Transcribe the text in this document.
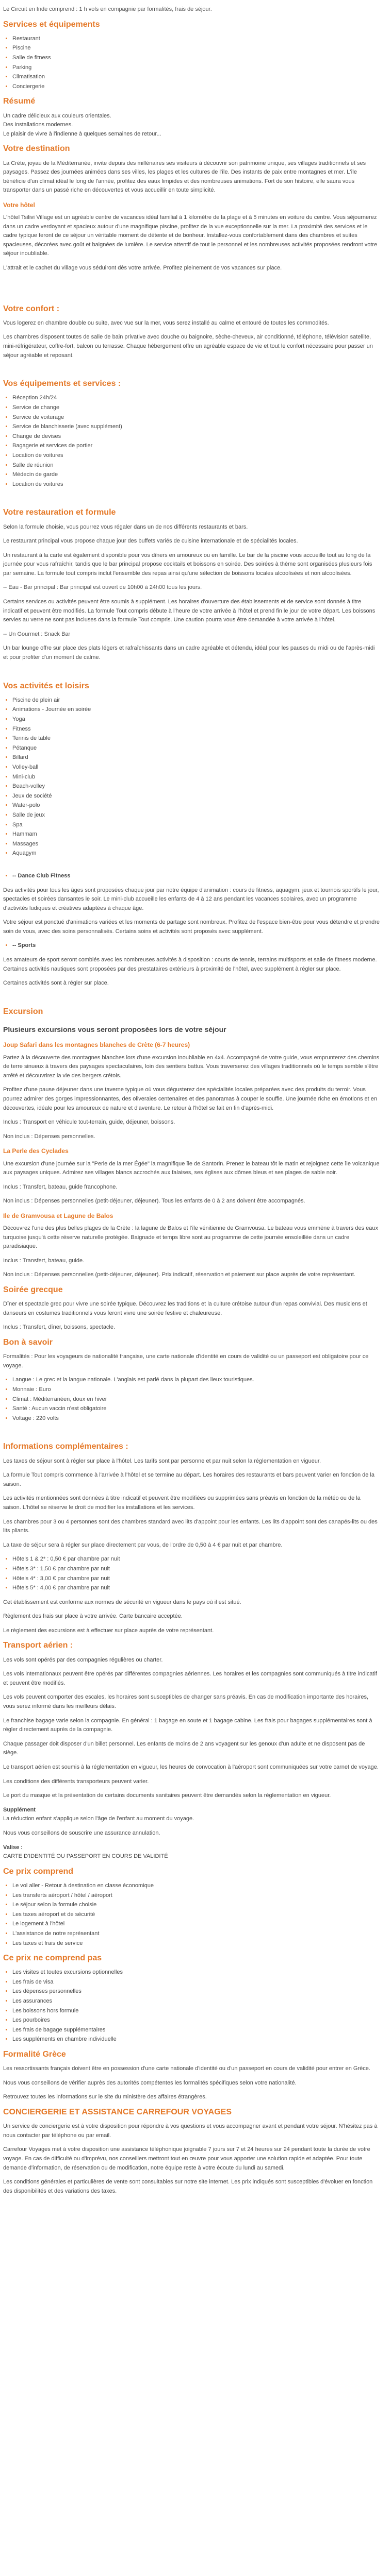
Le Circuit en Inde comprend : 1 h vols en compagnie par formalités, frais de séjour.

Services et équipements
• Restaurant
• Piscine
• Salle de fitness
• Parking
• Climatisation
• Conciergerie
Résumé

Un cadre délicieux aux couleurs orientales.

Des installations modernes.

Le plaisir de vivre à l'indienne à quelques semaines de retour...

Votre destination

La Crète, joyau de la Méditerranée, invite depuis des millénaires ses visiteurs à découvrir son patrimoine unique, ses villages traditionnels et ses paysages. Passez des journées animées dans ses villes, les plages et les cultures de l'île. Des instants de paix entre montagnes et mer. L'île bénéficie d'un climat idéal le long de l'année, profitez des eaux limpides et des nombreuses animations. Fort de son histoire, elle saura vous transporter dans un passé riche en découvertes et vous accueillir en toute simplicité.

Votre hôtel

L'hôtel Tsilivi Village est un agréable centre de vacances idéal familial à 1 kilomètre de la plage et à 5 minutes en voiture du centre. Vous séjournerez dans un cadre verdoyant et spacieux autour d'une magnifique piscine, profitez de la vue exceptionnelle sur la mer. La proximité des services et le cadre typique feront de ce séjour un véritable moment de détente et de bonheur. Installez-vous confortablement dans des chambres et suites spacieuses, décorées avec goût et baignées de lumière. Le service attentif de tout le personnel et les nombreuses activités proposées rendront votre séjour inoubliable.

L'attrait et le cachet du village vous séduiront dès votre arrivée. Profitez pleinement de vos vacances sur place.

Votre confort :

Vous logerez en chambre double ou suite, avec vue sur la mer, vous serez installé au calme et entouré de toutes les commodités.

Les chambres disposent toutes de salle de bain privative avec douche ou baignoire, sèche-cheveux, air conditionné, téléphone, télévision satellite, mini-réfrigérateur, coffre-fort, balcon ou terrasse. Chaque hébergement offre un agréable espace de vie et tout le confort nécessaire pour passer un séjour agréable et reposant.

Vos équipements et services :
• Réception 24h/24
• Service de change
• Service de voiturage
• Service de blanchisserie (avec supplément)
• Change de devises
• Bagagerie et services de portier
• Location de voitures
• Salle de réunion
• Médecin de garde
• Location de voitures
Votre restauration et formule

Selon la formule choisie, vous pourrez vous régaler dans un de nos différents restaurants et bars.

Le restaurant principal vous propose chaque jour des buffets variés de cuisine internationale et de spécialités locales.

Un restaurant à la carte est également disponible pour vos dîners en amoureux ou en famille. Le bar de la piscine vous accueille tout au long de la journée pour vous rafraîchir, tandis que le bar principal propose cocktails et boissons en soirée. Des soirées à thème sont organisées plusieurs fois par semaine. La formule tout compris inclut l'ensemble des repas ainsi qu'une sélection de boissons locales alcoolisées et non alcoolisées.

-- Eau - Bar principal : Bar principal est ouvert de 10h00 à 24h00 tous les jours.

Certains services ou activités peuvent être soumis à supplément. Les horaires d'ouverture des établissements et de service sont donnés à titre indicatif et peuvent être modifiés. La formule Tout compris débute à l'heure de votre arrivée à l'hôtel et prend fin le jour de votre départ. Les boissons servies au verre ne sont pas incluses dans la formule Tout compris. Une caution pourra vous être demandée à votre arrivée à l'hôtel.

-- Un Gourmet : Snack Bar

Un bar lounge offre sur place des plats légers et rafraîchissants dans un cadre agréable et détendu, idéal pour les pauses du midi ou de l'après-midi et pour profiter d'un moment de calme.

Vos activités et loisirs
• Piscine de plein air
• Animations - Journée en soirée
• Yoga
• Fitness
• Tennis de table
• Pétanque
• Billard
• Volley-ball
• Mini-club
• Beach-volley
• Jeux de société
• Water-polo
• Salle de jeux
• Spa
• Hammam
• Massages
• Aquagym
• -- Dance Club Fitness

Des activités pour tous les âges sont proposées chaque jour par notre équipe d'animation : cours de fitness, aquagym, jeux et tournois sportifs le jour, spectacles et soirées dansantes le soir. Le mini-club accueille les enfants de 4 à 12 ans pendant les vacances scolaires, avec un programme d'activités ludiques et créatives adaptées à chaque âge.

Votre séjour est ponctué d'animations variées et les moments de partage sont nombreux. Profitez de l'espace bien-être pour vous détendre et prendre soin de vous, avec des soins personnalisés. Certains soins et activités sont proposés avec supplément.

• -- Sports

Les amateurs de sport seront comblés avec les nombreuses activités à disposition : courts de tennis, terrains multisports et salle de fitness moderne. Certaines activités nautiques sont proposées par des prestataires extérieurs à proximité de l'hôtel, avec supplément à régler sur place.

Certaines activités sont à régler sur place.

Excursion
Plusieurs excursions vous seront proposées lors de votre séjour
Joup Safari dans les montagnes blanches de Crète (6-7 heures)

Partez à la découverte des montagnes blanches lors d'une excursion inoubliable en 4x4. Accompagné de votre guide, vous emprunterez des chemins de terre sinueux à travers des paysages spectaculaires, loin des sentiers battus. Vous traverserez des villages traditionnels où le temps semble s'être arrêté et découvrirez la vie des bergers crétois.

Profitez d'une pause déjeuner dans une taverne typique où vous dégusterez des spécialités locales préparées avec des produits du terroir. Vous pourrez admirer des gorges impressionnantes, des oliveraies centenaires et des panoramas à couper le souffle. Une journée riche en émotions et en découvertes, idéale pour les amoureux de nature et d'aventure. Le retour à l'hôtel se fait en fin d'après-midi.

Inclus : Transport en véhicule tout-terrain, guide, déjeuner, boissons.

Non inclus : Dépenses personnelles.

La Perle des Cyclades

Une excursion d'une journée sur la "Perle de la mer Égée" la magnifique île de Santorin. Prenez le bateau tôt le matin et rejoignez cette île volcanique aux paysages uniques. Admirez ses villages blancs accrochés aux falaises, ses églises aux dômes bleus et ses plages de sable noir.

Inclus : Transfert, bateau, guide francophone.

Non inclus : Dépenses personnelles (petit-déjeuner, déjeuner). Tous les enfants de 0 à 2 ans doivent être accompagnés.

Ile de Gramvousa et Lagune de Balos

Découvrez l'une des plus belles plages de la Crète : la lagune de Balos et l'île vénitienne de Gramvousa. Le bateau vous emmène à travers des eaux turquoise jusqu'à cette réserve naturelle protégée. Baignade et temps libre sont au programme de cette journée ensoleillée dans un cadre paradisiaque.

Inclus : Transfert, bateau, guide.

Non inclus : Dépenses personnelles (petit-déjeuner, déjeuner). Prix indicatif, réservation et paiement sur place auprès de votre représentant.

Soirée grecque

Dîner et spectacle grec pour vivre une soirée typique. Découvrez les traditions et la culture crétoise autour d'un repas convivial. Des musiciens et danseurs en costumes traditionnels vous feront vivre une soirée festive et chaleureuse.

Inclus : Transfert, dîner, boissons, spectacle.

Bon à savoir

Formalités : Pour les voyageurs de nationalité française, une carte nationale d'identité en cours de validité ou un passeport est obligatoire pour ce voyage.

• Langue : Le grec et la langue nationale. L'anglais est parlé dans la plupart des lieux touristiques.
• Monnaie : Euro
• Climat : Méditerranéen, doux en hiver
• Santé : Aucun vaccin n'est obligatoire
• Voltage : 220 volts
Informations complémentaires :

Les taxes de séjour sont à régler sur place à l'hôtel. Les tarifs sont par personne et par nuit selon la réglementation en vigueur.

La formule Tout compris commence à l'arrivée à l'hôtel et se termine au départ. Les horaires des restaurants et bars peuvent varier en fonction de la saison.

Les activités mentionnées sont données à titre indicatif et peuvent être modifiées ou supprimées sans préavis en fonction de la météo ou de la saison. L'hôtel se réserve le droit de modifier les installations et les services.

Les chambres pour 3 ou 4 personnes sont des chambres standard avec lits d'appoint pour les enfants. Les lits d'appoint sont des canapés-lits ou des lits pliants.

La taxe de séjour sera à régler sur place directement par vous, de l'ordre de 0,50 à 4 € par nuit et par chambre.

• Hôtels 1 & 2* : 0,50 € par chambre par nuit
• Hôtels 3* : 1,50 € par chambre par nuit
• Hôtels 4* : 3,00 € par chambre par nuit
• Hôtels 5* : 4,00 € par chambre par nuit

Cet établissement est conforme aux normes de sécurité en vigueur dans le pays où il est situé.

Règlement des frais sur place à votre arrivée. Carte bancaire acceptée.

Le règlement des excursions est à effectuer sur place auprès de votre représentant.

Transport aérien :

Les vols sont opérés par des compagnies régulières ou charter.

Les vols internationaux peuvent être opérés par différentes compagnies aériennes. Les horaires et les compagnies sont communiqués à titre indicatif et peuvent être modifiés.

Les vols peuvent comporter des escales, les horaires sont susceptibles de changer sans préavis. En cas de modification importante des horaires, vous serez informé dans les meilleurs délais.

Le franchise bagage varie selon la compagnie. En général : 1 bagage en soute et 1 bagage cabine. Les frais pour bagages supplémentaires sont à régler directement auprès de la compagnie.

Chaque passager doit disposer d'un billet personnel. Les enfants de moins de 2 ans voyagent sur les genoux d'un adulte et ne disposent pas de siège.

Le transport aérien est soumis à la réglementation en vigueur, les heures de convocation à l'aéroport sont communiquées sur votre carnet de voyage.

Les conditions des différents transporteurs peuvent varier.

Le port du masque et la présentation de certains documents sanitaires peuvent être demandés selon la réglementation en vigueur.

Supplément

La réduction enfant s'applique selon l'âge de l'enfant au moment du voyage.

Nous vous conseillons de souscrire une assurance annulation.

Valise :

CARTE D'IDENTITÉ OU PASSEPORT EN COURS DE VALIDITÉ

Ce prix comprend
• Le vol aller - Retour à destination en classe économique
• Les transferts aéroport / hôtel / aéroport
• Le séjour selon la formule choisie
• Les taxes aéroport et de sécurité
• Le logement à l'hôtel
• L'assistance de notre représentant
• Les taxes et frais de service
Ce prix ne comprend pas
• Les visites et toutes excursions optionnelles
• Les frais de visa
• Les dépenses personnelles
• Les assurances
• Les boissons hors formule
• Les pourboires
• Les frais de bagage supplémentaires
• Les suppléments en chambre individuelle
Formalité Grèce

Les ressortissants français doivent être en possession d'une carte nationale d'identité ou d'un passeport en cours de validité pour entrer en Grèce.

Nous vous conseillons de vérifier auprès des autorités compétentes les formalités spécifiques selon votre nationalité.

Retrouvez toutes les informations sur le site du ministère des affaires étrangères.

CONCIERGERIE ET ASSISTANCE CARREFOUR VOYAGES

Un service de conciergerie est à votre disposition pour répondre à vos questions et vous accompagner avant et pendant votre séjour. N'hésitez pas à nous contacter par téléphone ou par email.

Carrefour Voyages met à votre disposition une assistance téléphonique joignable 7 jours sur 7 et 24 heures sur 24 pendant toute la durée de votre voyage. En cas de difficulté ou d'imprévu, nos conseillers mettront tout en œuvre pour vous apporter une solution rapide et adaptée. Pour toute demande d'information, de réservation ou de modification, notre équipe reste à votre écoute du lundi au samedi.

Les conditions générales et particulières de vente sont consultables sur notre site internet. Les prix indiqués sont susceptibles d'évoluer en fonction des disponibilités et des variations des taxes.
